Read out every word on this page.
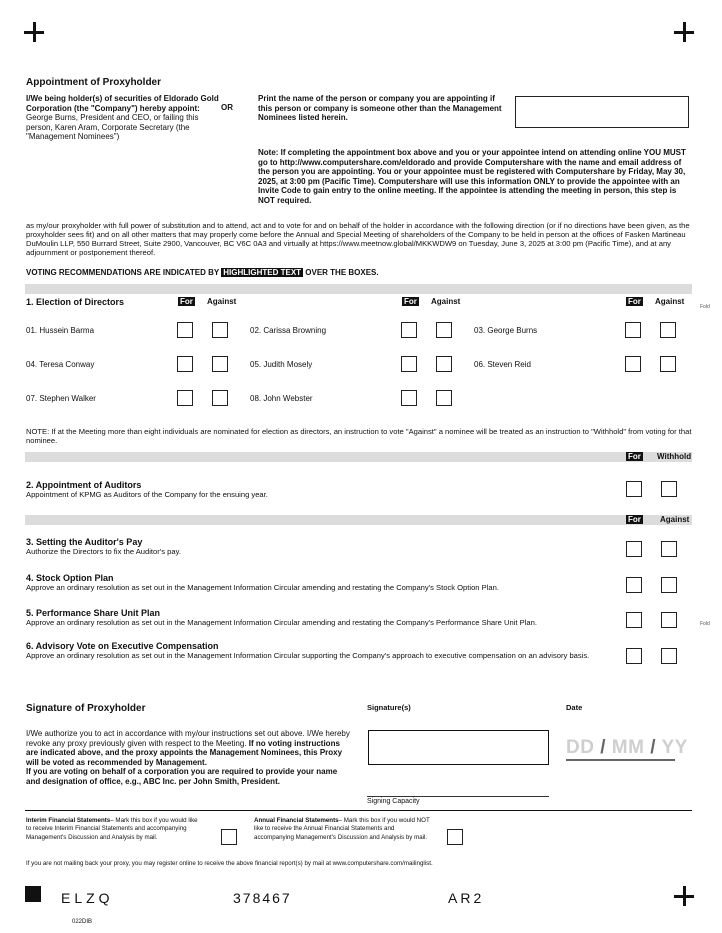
Appointment of Proxyholder
I/We being holder(s) of securities of Eldorado Gold Corporation (the "Company") hereby appoint: George Burns, President and CEO, or failing this person, Karen Aram, Corporate Secretary (the "Management Nominees")
OR
Print the name of the person or company you are appointing if this person or company is someone other than the Management Nominees listed herein.
Note: If completing the appointment box above and you or your appointee intend on attending online YOU MUST go to http://www.computershare.com/eldorado and provide Computershare with the name and email address of the person you are appointing. You or your appointee must be registered with Computershare by Friday, May 30, 2025, at 3:00 pm (Pacific Time). Computershare will use this information ONLY to provide the appointee with an Invite Code to gain entry to the online meeting. If the appointee is attending the meeting in person, this step is NOT required.
as my/our proxyholder with full power of substitution and to attend, act and to vote for and on behalf of the holder in accordance with the following direction (or if no directions have been given, as the proxyholder sees fit) and on all other matters that may properly come before the Annual and Special Meeting of shareholders of the Company to be held in person at the offices of Fasken Martineau DuMoulin LLP, 550 Burrard Street, Suite 2900, Vancouver, BC V6C 0A3 and virtually at https://www.meetnow.global/MKKWDW9 on Tuesday, June 3, 2025 at 3:00 pm (Pacific Time), and at any adjournment or postponement thereof.
VOTING RECOMMENDATIONS ARE INDICATED BY HIGHLIGHTED TEXT OVER THE BOXES.
1. Election of Directors	For Against	For Against	For Against
Fold
01. Hussein Barma	02. Carissa Browning	03. George Burns
04. Teresa Conway	05. Judith Mosely	06. Steven Reid
07. Stephen Walker	08. John Webster
NOTE: If at the Meeting more than eight individuals are nominated for election as directors, an instruction to vote "Against" a nominee will be treated as an instruction to "Withhold" from voting for that nominee.
For Withhold
2. Appointment of Auditors
Appointment of KPMG as Auditors of the Company for the ensuing year.
For Against
3. Setting the Auditor's Pay
Authorize the Directors to fix the Auditor's pay.
4. Stock Option Plan
Approve an ordinary resolution as set out in the Management Information Circular amending and restating the Company's Stock Option Plan.
5. Performance Share Unit Plan
Approve an ordinary resolution as set out in the Management Information Circular amending and restating the Company's Performance Share Unit Plan.	Fold
6. Advisory Vote on Executive Compensation
Approve an ordinary resolution as set out in the Management Information Circular supporting the Company's approach to executive compensation on an advisory basis.
Signature of Proxyholder
I/We authorize you to act in accordance with my/our instructions set out above. I/We hereby revoke any proxy previously given with respect to the Meeting. If no voting instructions are indicated above, and the proxy appoints the Management Nominees, this Proxy will be voted as recommended by Management.
If you are voting on behalf of a corporation you are required to provide your name and designation of office, e.g., ABC Inc. per John Smith, President.
Signature(s)
Signing Capacity
Date
DD / MM / YY
Interim Financial Statements– Mark this box if you would like to receive Interim Financial Statements and accompanying Management's Discussion and Analysis by mail.
Annual Financial Statements– Mark this box if you would NOT like to receive the Annual Financial Statements and accompanying Management's Discussion and Analysis by mail.
If you are not mailing back your proxy, you may register online to receive the above financial report(s) by mail at www.computershare.com/mailinglist.
ELZQ	378467	AR2
022DIB
